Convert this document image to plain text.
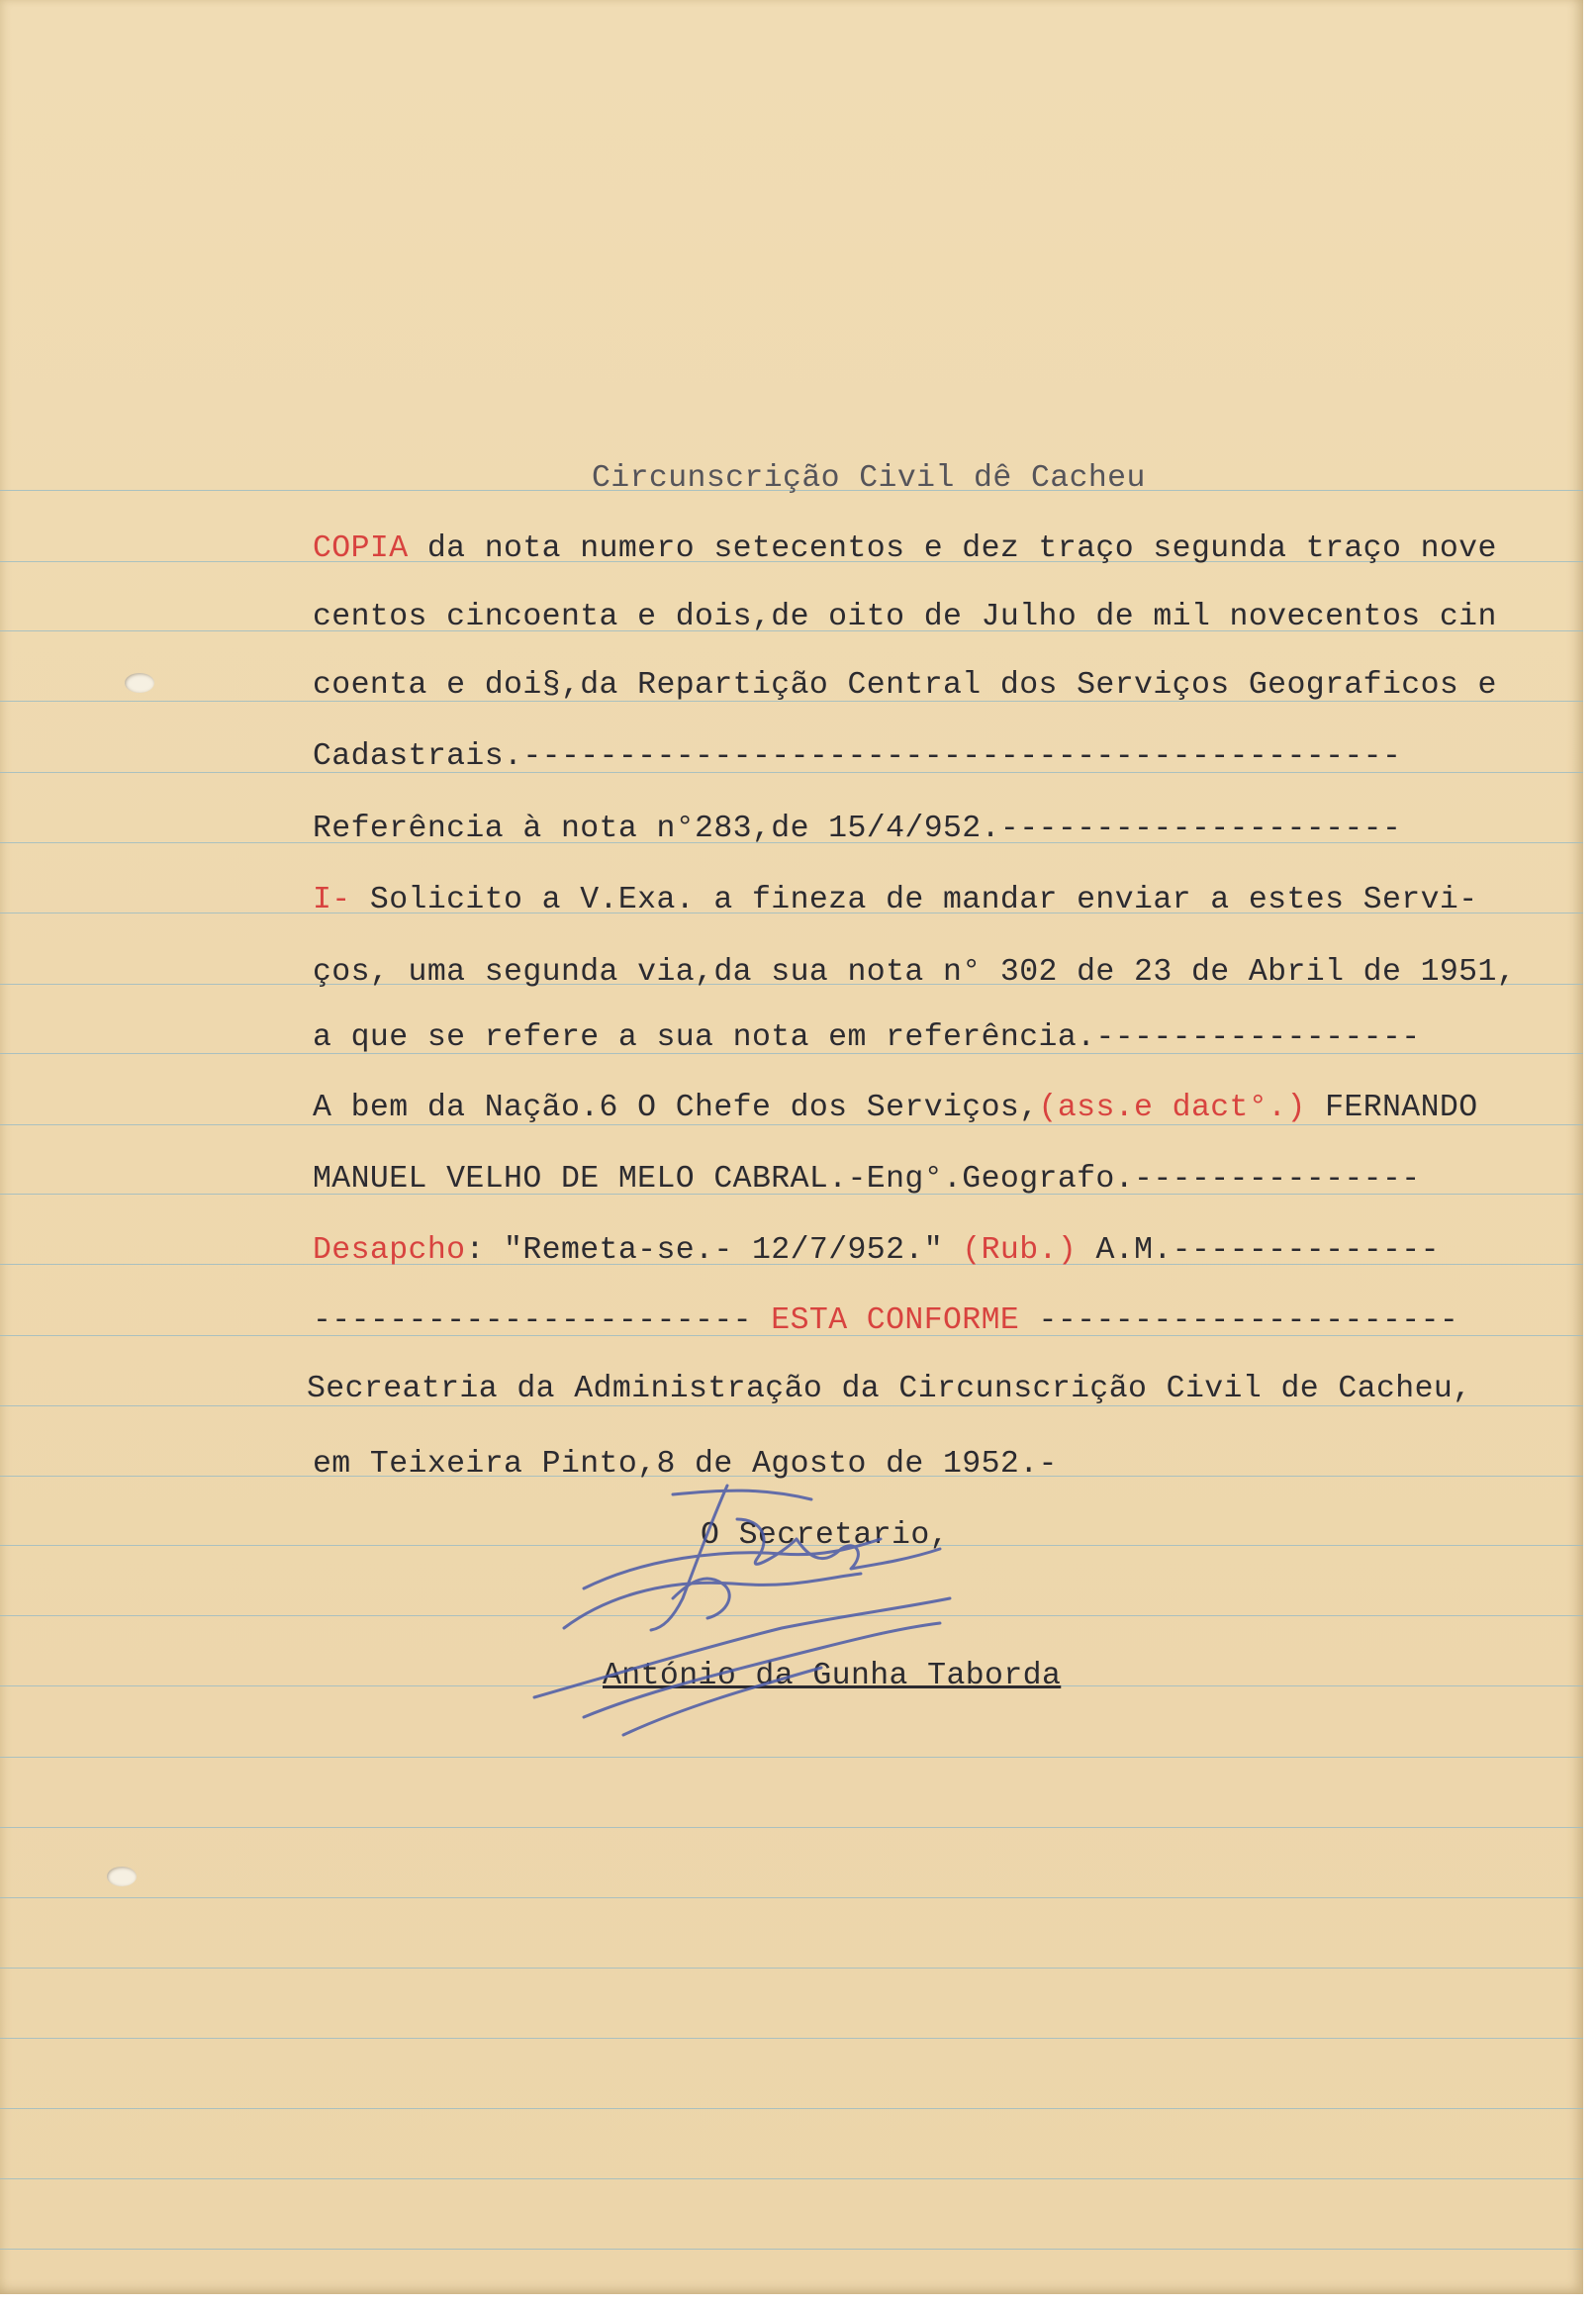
Circunscrição Civil dê Cacheu
COPIA da nota numero setecentos e dez traço segunda traço nove
centos cincoenta e dois,de oito de Julho de mil novecentos cin
coenta e doi§,da Repartição Central dos Serviços Geograficos e
Cadastrais.----------------------------------------------
Referência à nota n°283,de 15/4/952.---------------------
I- Solicito a V.Exa. a fineza de mandar enviar a estes Servi-
ços, uma segunda via,da sua nota n° 302 de 23 de Abril de 1951,
a que se refere a sua nota em referência.-----------------
A bem da Nação.6 O Chefe dos Serviços,(ass.e dact°.) FERNANDO
MANUEL VELHO DE MELO CABRAL.-Eng°.Geografo.---------------
Desapcho: "Remeta-se.- 12/7/952." (Rub.) A.M.--------------
----------------------- ESTA CONFORME ----------------------
Secreatria da Administração da Circunscrição Civil de Cacheu,
em Teixeira Pinto,8 de Agosto de 1952.-
O Secretario,
António da Gunha Taborda
